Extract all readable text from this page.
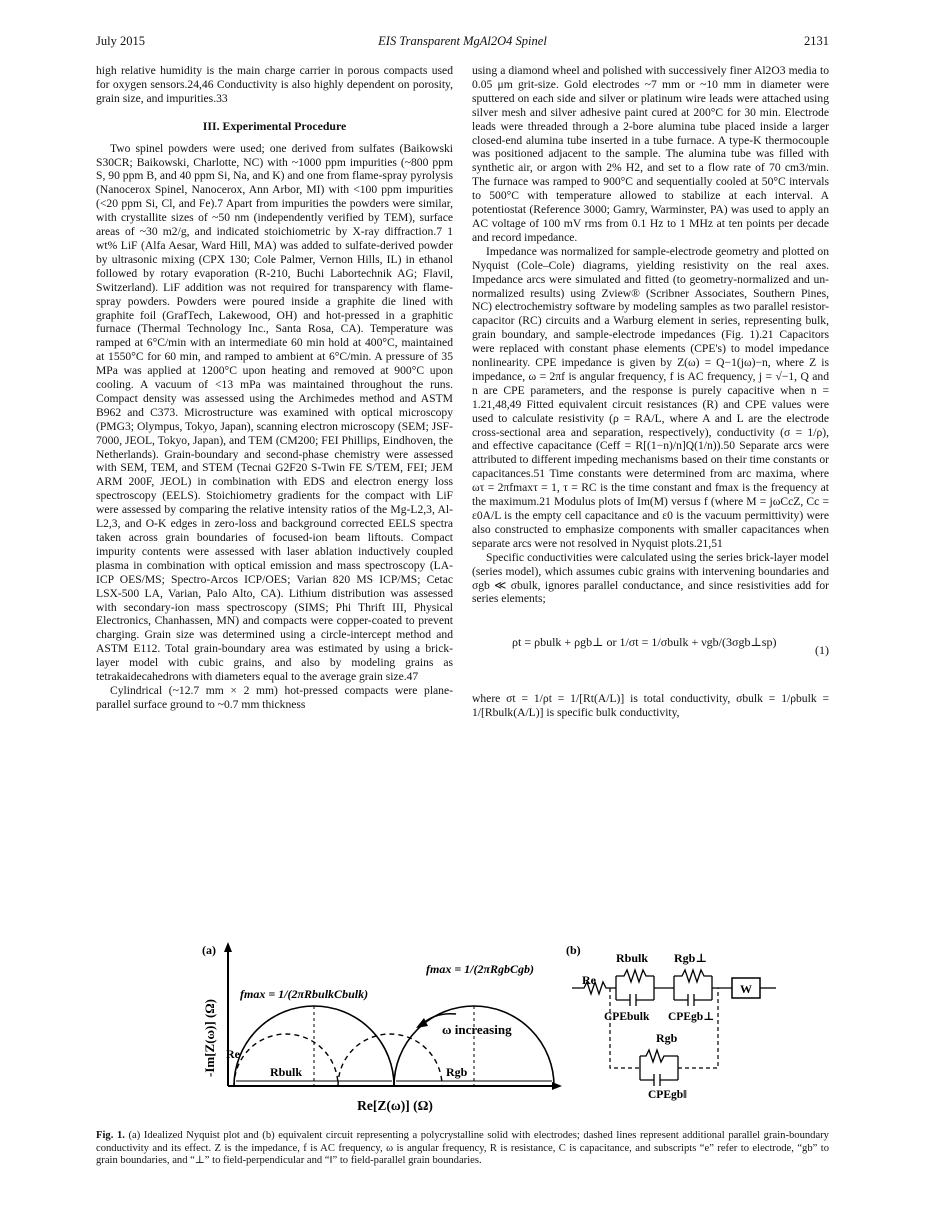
July 2015	EIS Transparent MgAl2O4 Spinel	2131

high relative humidity is the main charge carrier in porous compacts used for oxygen sensors.24,46 Conductivity is also highly dependent on porosity, grain size, and impurities.33

III. Experimental Procedure

Two spinel powders were used; one derived from sulfates (Baikowski S30CR; Baikowski, Charlotte, NC) with ~1000 ppm impurities (~800 ppm S, 90 ppm B, and 40 ppm Si, Na, and K) and one from flame-spray pyrolysis (Nanocerox Spinel, Nanocerox, Ann Arbor, MI) with <100 ppm impurities (<20 ppm Si, Cl, and Fe).7 Apart from impurities the powders were similar, with crystallite sizes of ~50 nm (independently verified by TEM), surface areas of ~30 m2/g, and indicated stoichiometric by X-ray diffraction.7 1 wt% LiF (Alfa Aesar, Ward Hill, MA) was added to sulfate-derived powder by ultrasonic mixing (CPX 130; Cole Palmer, Vernon Hills, IL) in ethanol followed by rotary evaporation (R-210, Buchi Labortechnik AG; Flavil, Switzerland). LiF addition was not required for transparency with flame-spray powders. Powders were poured inside a graphite die lined with graphite foil (GrafTech, Lakewood, OH) and hot-pressed in a graphitic furnace (Thermal Technology Inc., Santa Rosa, CA). Temperature was ramped at 6°C/min with an intermediate 60 min hold at 400°C, maintained at 1550°C for 60 min, and ramped to ambient at 6°C/min. A pressure of 35 MPa was applied at 1200°C upon heating and removed at 900°C upon cooling. A vacuum of <13 mPa was maintained throughout the runs. Compact density was assessed using the Archimedes method and ASTM B962 and C373. Microstructure was examined with optical microscopy (PMG3; Olympus, Tokyo, Japan), scanning electron microscopy (SEM; JSF-7000, JEOL, Tokyo, Japan), and TEM (CM200; FEI Phillips, Eindhoven, the Netherlands). Grain-boundary and second-phase chemistry were assessed with SEM, TEM, and STEM (Tecnai G2F20 S-Twin FE S/TEM, FEI; JEM ARM 200F, JEOL) in combination with EDS and electron energy loss spectroscopy (EELS). Stoichiometry gradients for the compact with LiF were assessed by comparing the relative intensity ratios of the Mg-L2,3, Al-L2,3, and O-K edges in zero-loss and background corrected EELS spectra taken across grain boundaries of focused-ion beam liftouts. Compact impurity contents were assessed with laser ablation inductively coupled plasma in combination with optical emission and mass spectroscopy (LA-ICP OES/MS; Spectro-Arcos ICP/OES; Varian 820 MS ICP/MS; Cetac LSX-500 LA, Varian, Palo Alto, CA). Lithium distribution was assessed with secondary-ion mass spectroscopy (SIMS; Phi Thrift III, Physical Electronics, Chanhassen, MN) and compacts were copper-coated to prevent charging. Grain size was determined using a circle-intercept method and ASTM E112. Total grain-boundary area was estimated by using a brick-layer model with cubic grains, and also by modeling grains as tetrakaidecahedrons with diameters equal to the average grain size.47

Cylindrical (~12.7 mm × 2 mm) hot-pressed compacts were plane-parallel surface ground to ~0.7 mm thickness

using a diamond wheel and polished with successively finer Al2O3 media to 0.05 μm grit-size. Gold electrodes ~7 mm or ~10 mm in diameter were sputtered on each side and silver or platinum wire leads were attached using silver mesh and silver adhesive paint cured at 200°C for 30 min. Electrode leads were threaded through a 2-bore alumina tube placed inside a larger closed-end alumina tube inserted in a tube furnace. A type-K thermocouple was positioned adjacent to the sample. The alumina tube was filled with synthetic air, or argon with 2% H2, and set to a flow rate of 70 cm3/min. The furnace was ramped to 900°C and sequentially cooled at 50°C intervals to 500°C with temperature allowed to stabilize at each interval. A potentiostat (Reference 3000; Gamry, Warminster, PA) was used to apply an AC voltage of 100 mV rms from 0.1 Hz to 1 MHz at ten points per decade and record impedance.

Impedance was normalized for sample-electrode geometry and plotted on Nyquist (Cole–Cole) diagrams, yielding resistivity on the real axes. Impedance arcs were simulated and fitted (to geometry-normalized and un-normalized results) using Zview® (Scribner Associates, Southern Pines, NC) electrochemistry software by modeling samples as two parallel resistor-capacitor (RC) circuits and a Warburg element in series, representing bulk, grain boundary, and sample-electrode impedances (Fig. 1).21 Capacitors were replaced with constant phase elements (CPE's) to model impedance nonlinearity. CPE impedance is given by Z(ω) = Q−1(jω)−n, where Z is impedance, ω = 2πf is angular frequency, f is AC frequency, j = √−1, Q and n are CPE parameters, and the response is purely capacitive when n = 1.21,48,49 Fitted equivalent circuit resistances (R) and CPE values were used to calculate resistivity (ρ = RA/L, where A and L are the electrode cross-sectional area and separation, respectively), conductivity (σ = 1/ρ), and effective capacitance (Ceff = R[(1−n)/n]Q(1/n)).50 Separate arcs were attributed to different impeding mechanisms based on their time constants or capacitances.51 Time constants were determined from arc maxima, where ωτ = 2πfmaxτ = 1, τ = RC is the time constant and fmax is the frequency at the maximum.21 Modulus plots of Im(M) versus f (where M = jωCcZ, Cc = ε0A/L is the empty cell capacitance and ε0 is the vacuum permittivity) were also constructed to emphasize components with smaller capacitances when separate arcs were not resolved in Nyquist plots.21,51

Specific conductivities were calculated using the series brick-layer model (series model), which assumes cubic grains with intervening boundaries and σgb ≪ σbulk, ignores parallel conductance, and since resistivities add for series elements;

ρt = ρbulk + ρgb⊥ or 1/σt = 1/σbulk + νgb/(3σgb⊥sp)
(1)

where σt = 1/ρt = 1/[Rt(A/L)] is total conductivity, σbulk = 1/ρbulk = 1/[Rbulk(A/L)] is specific bulk conductivity,

(a)
-Im[Z(ω)] (Ω)
Re[Z(ω)] (Ω)
fmax = 1/(2πRbulkCbulk)
fmax = 1/(2πRgbCgb)
ω increasing
Re
Rbulk	Rgb
(b)
Re
Rbulk Rgb⊥
CPEbulk CPEgb⊥
Rgb
CPEgb‖
W
Fig. 1. (a) Idealized Nyquist plot and (b) equivalent circuit representing a polycrystalline solid with electrodes; dashed lines represent additional parallel grain-boundary conductivity and its effect. Z is the impedance, f is AC frequency, ω is angular frequency, R is resistance, C is capacitance, and subscripts “e” refer to electrode, “gb” to grain boundaries, and “⊥” to field-perpendicular and “‖” to field-parallel grain boundaries.
